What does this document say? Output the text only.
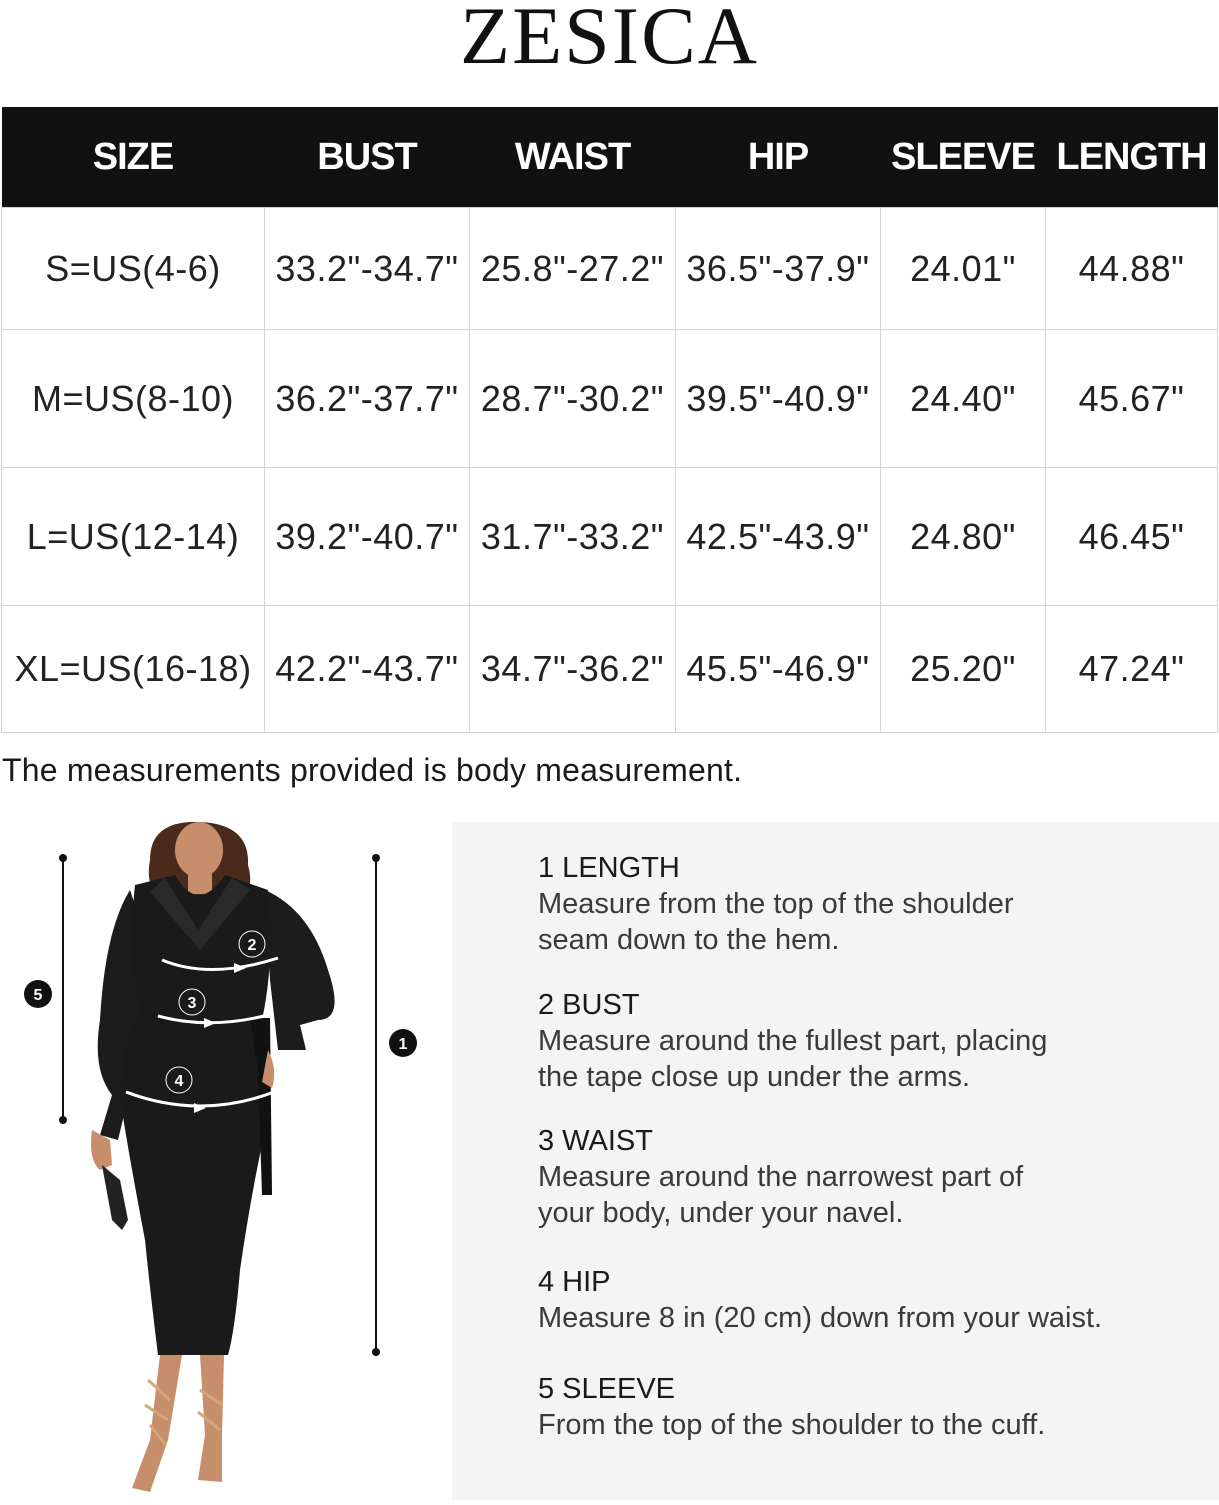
ZESICA
SIZE	BUST	WAIST	HIP	SLEEVE	LENGTH
S=US(4-6)	33.2"-34.7"	25.8"-27.2"	36.5"-37.9"	24.01"	44.88"
M=US(8-10)	36.2"-37.7"	28.7"-30.2"	39.5"-40.9"	24.40"	45.67"
L=US(12-14)	39.2"-40.7"	31.7"-33.2"	42.5"-43.9"	24.80"	46.45"
XL=US(16-18)	42.2"-43.7"	34.7"-36.2"	45.5"-46.9"	25.20"	47.24"
The measurements provided is body measurement.
2
3
4
5
1
1 LENGTH
Measure from the top of the shoulder
seam down to the hem.
2 BUST
Measure around the fullest part, placing
the tape close up under the arms.
3 WAIST
Measure around the narrowest part of
your body, under your navel.
4 HIP
Measure 8 in (20 cm) down from your waist.
5 SLEEVE
From the top of the shoulder to the cuff.
